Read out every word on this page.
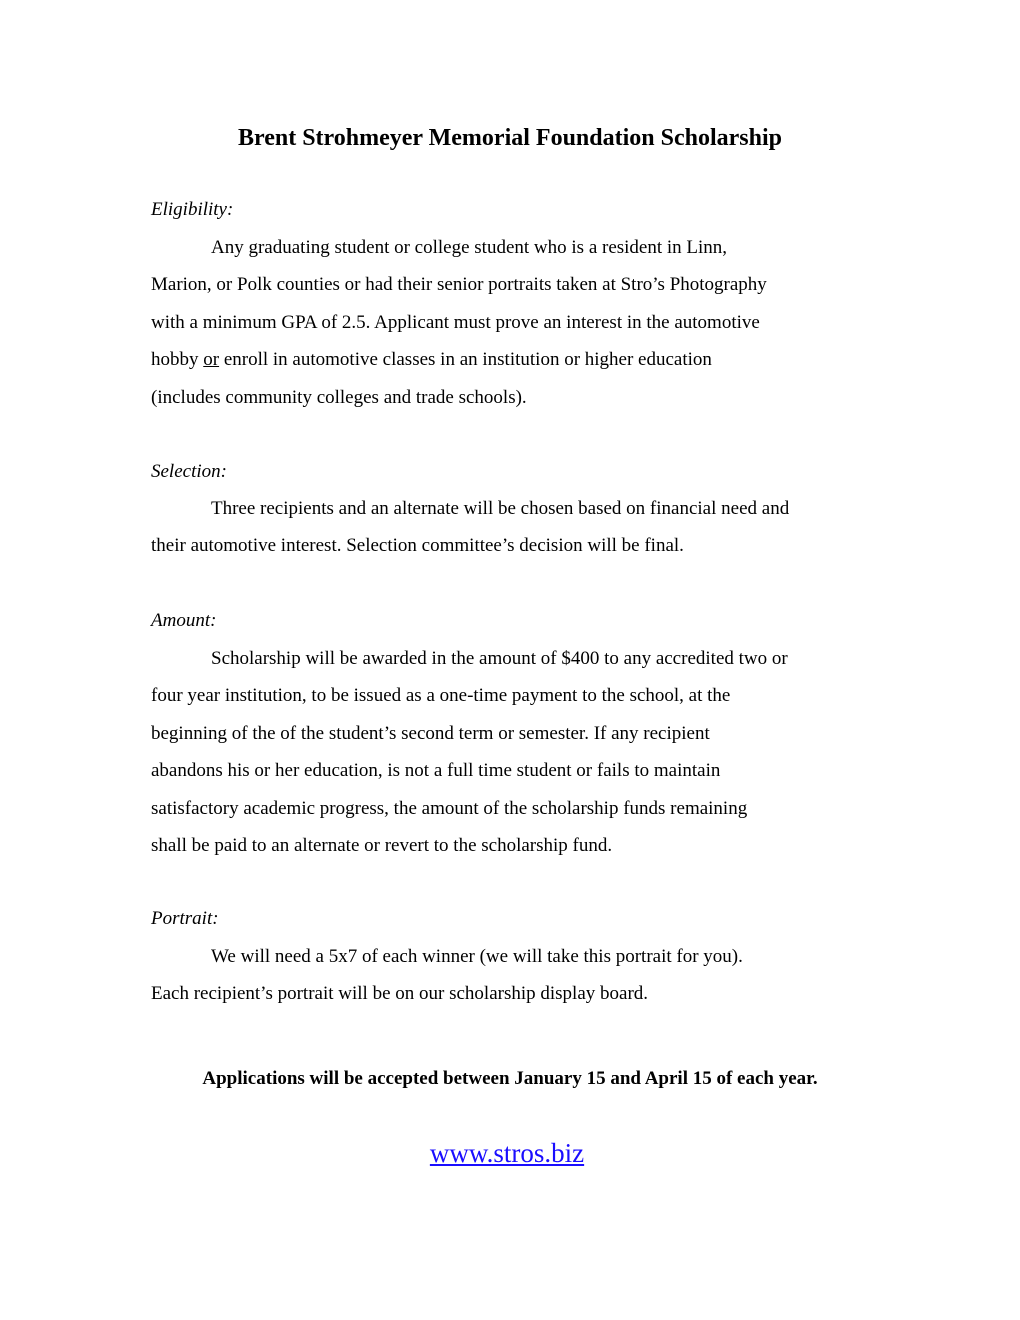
Brent Strohmeyer Memorial Foundation Scholarship

Eligibility:

Any graduating student or college student who is a resident in Linn,
Marion, or Polk counties or had their senior portraits taken at Stro’s Photography
with a minimum GPA of 2.5. Applicant must prove an interest in the automotive
hobby or enroll in automotive classes in an institution or higher education
(includes community colleges and trade schools).

Selection:

Three recipients and an alternate will be chosen based on financial need and
their automotive interest. Selection committee’s decision will be final.

Amount:

Scholarship will be awarded in the amount of $400 to any accredited two or
four year institution, to be issued as a one-time payment to the school, at the
beginning of the of the student’s second term or semester. If any recipient
abandons his or her education, is not a full time student or fails to maintain
satisfactory academic progress, the amount of the scholarship funds remaining
shall be paid to an alternate or revert to the scholarship fund.

Portrait:

We will need a 5x7 of each winner (we will take this portrait for you).
Each recipient’s portrait will be on our scholarship display board.

Applications will be accepted between January 15 and April 15 of each year.

www.stros.biz
